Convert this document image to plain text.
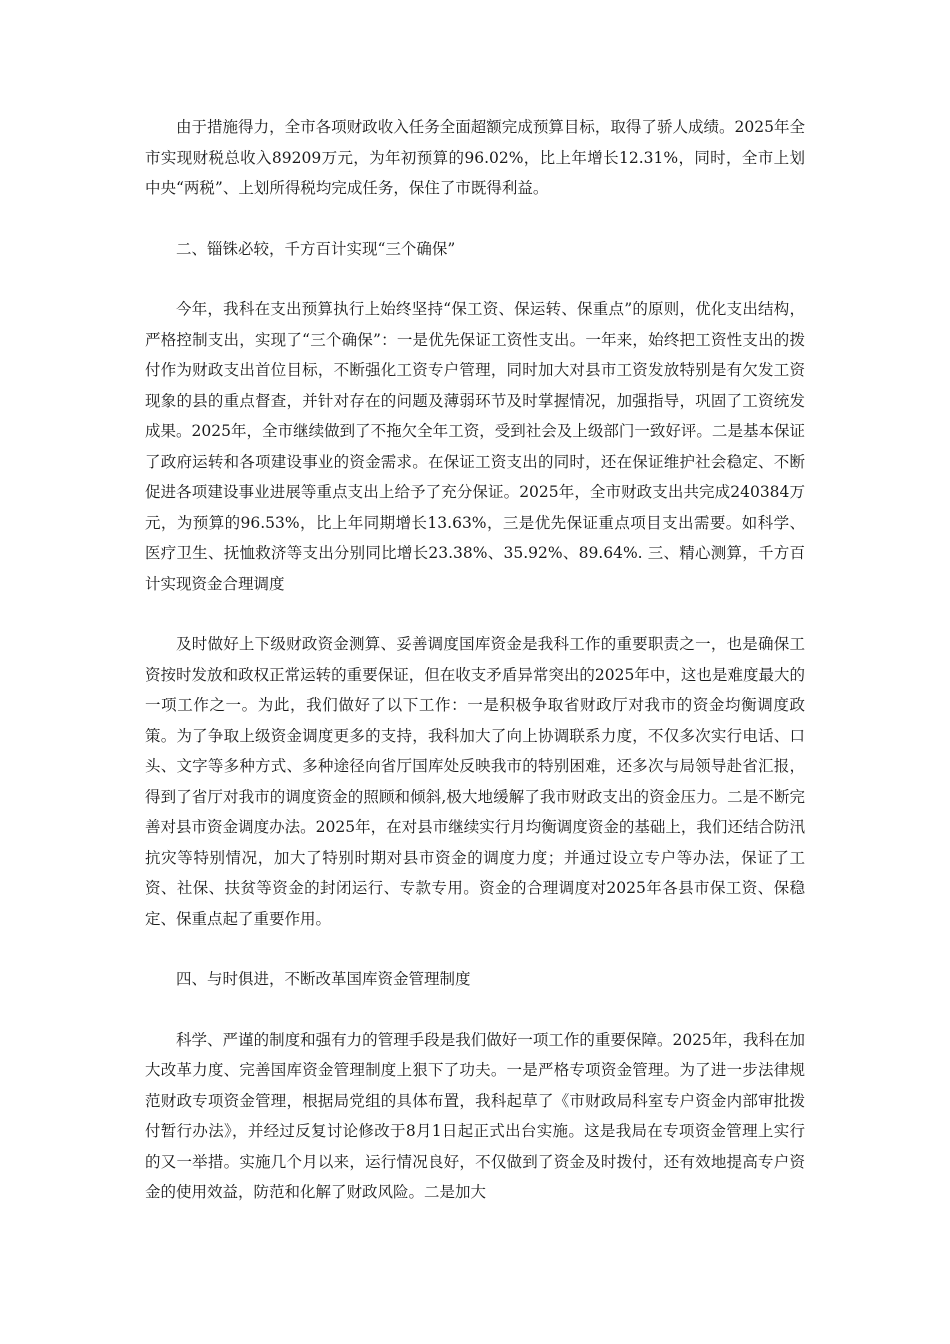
由于措施得力，全市各项财政收入任务全面超额完成预算目标，取得了骄人成绩。2025年全市实现财税总收入89209万元，为年初预算的96.02%，比上年增长12.31%，同时，全市上划中央“两税”、上划所得税均完成任务，保住了市既得利益。

二、锱铢必较，千方百计实现“三个确保”

今年，我科在支出预算执行上始终坚持“保工资、保运转、保重点”的原则，优化支出结构，严格控制支出，实现了“三个确保”：一是优先保证工资性支出。一年来，始终把工资性支出的拨付作为财政支出首位目标，不断强化工资专户管理，同时加大对县市工资发放特别是有欠发工资现象的县的重点督查，并针对存在的问题及薄弱环节及时掌握情况，加强指导，巩固了工资统发成果。2025年，全市继续做到了不拖欠全年工资，受到社会及上级部门一致好评。二是基本保证了政府运转和各项建设事业的资金需求。在保证工资支出的同时，还在保证维护社会稳定、不断促进各项建设事业进展等重点支出上给予了充分保证。2025年，全市财政支出共完成240384万元，为预算的96.53%，比上年同期增长13.63%，三是优先保证重点项目支出需要。如科学、医疗卫生、抚恤救济等支出分别同比增长23.38%、35.92%、89.64%. 三、精心测算，千方百计实现资金合理调度

及时做好上下级财政资金测算、妥善调度国库资金是我科工作的重要职责之一，也是确保工资按时发放和政权正常运转的重要保证，但在收支矛盾异常突出的2025年中，这也是难度最大的一项工作之一。为此，我们做好了以下工作：一是积极争取省财政厅对我市的资金均衡调度政策。为了争取上级资金调度更多的支持，我科加大了向上协调联系力度，不仅多次实行电话、口头、文字等多种方式、多种途径向省厅国库处反映我市的特别困难，还多次与局领导赴省汇报，得到了省厅对我市的调度资金的照顾和倾斜,极大地缓解了我市财政支出的资金压力。二是不断完善对县市资金调度办法。2025年，在对县市继续实行月均衡调度资金的基础上，我们还结合防汛抗灾等特别情况，加大了特别时期对县市资金的调度力度；并通过设立专户等办法，保证了工资、社保、扶贫等资金的封闭运行、专款专用。资金的合理调度对2025年各县市保工资、保稳定、保重点起了重要作用。

四、与时俱进，不断改革国库资金管理制度

科学、严谨的制度和强有力的管理手段是我们做好一项工作的重要保障。2025年，我科在加大改革力度、完善国库资金管理制度上狠下了功夫。一是严格专项资金管理。为了进一步法律规范财政专项资金管理，根据局党组的具体布置，我科起草了《市财政局科室专户资金内部审批拨付暂行办法》，并经过反复讨论修改于8月1日起正式出台实施。这是我局在专项资金管理上实行的又一举措。实施几个月以来，运行情况良好，不仅做到了资金及时拨付，还有效地提高专户资金的使用效益，防范和化解了财政风险。二是加大
